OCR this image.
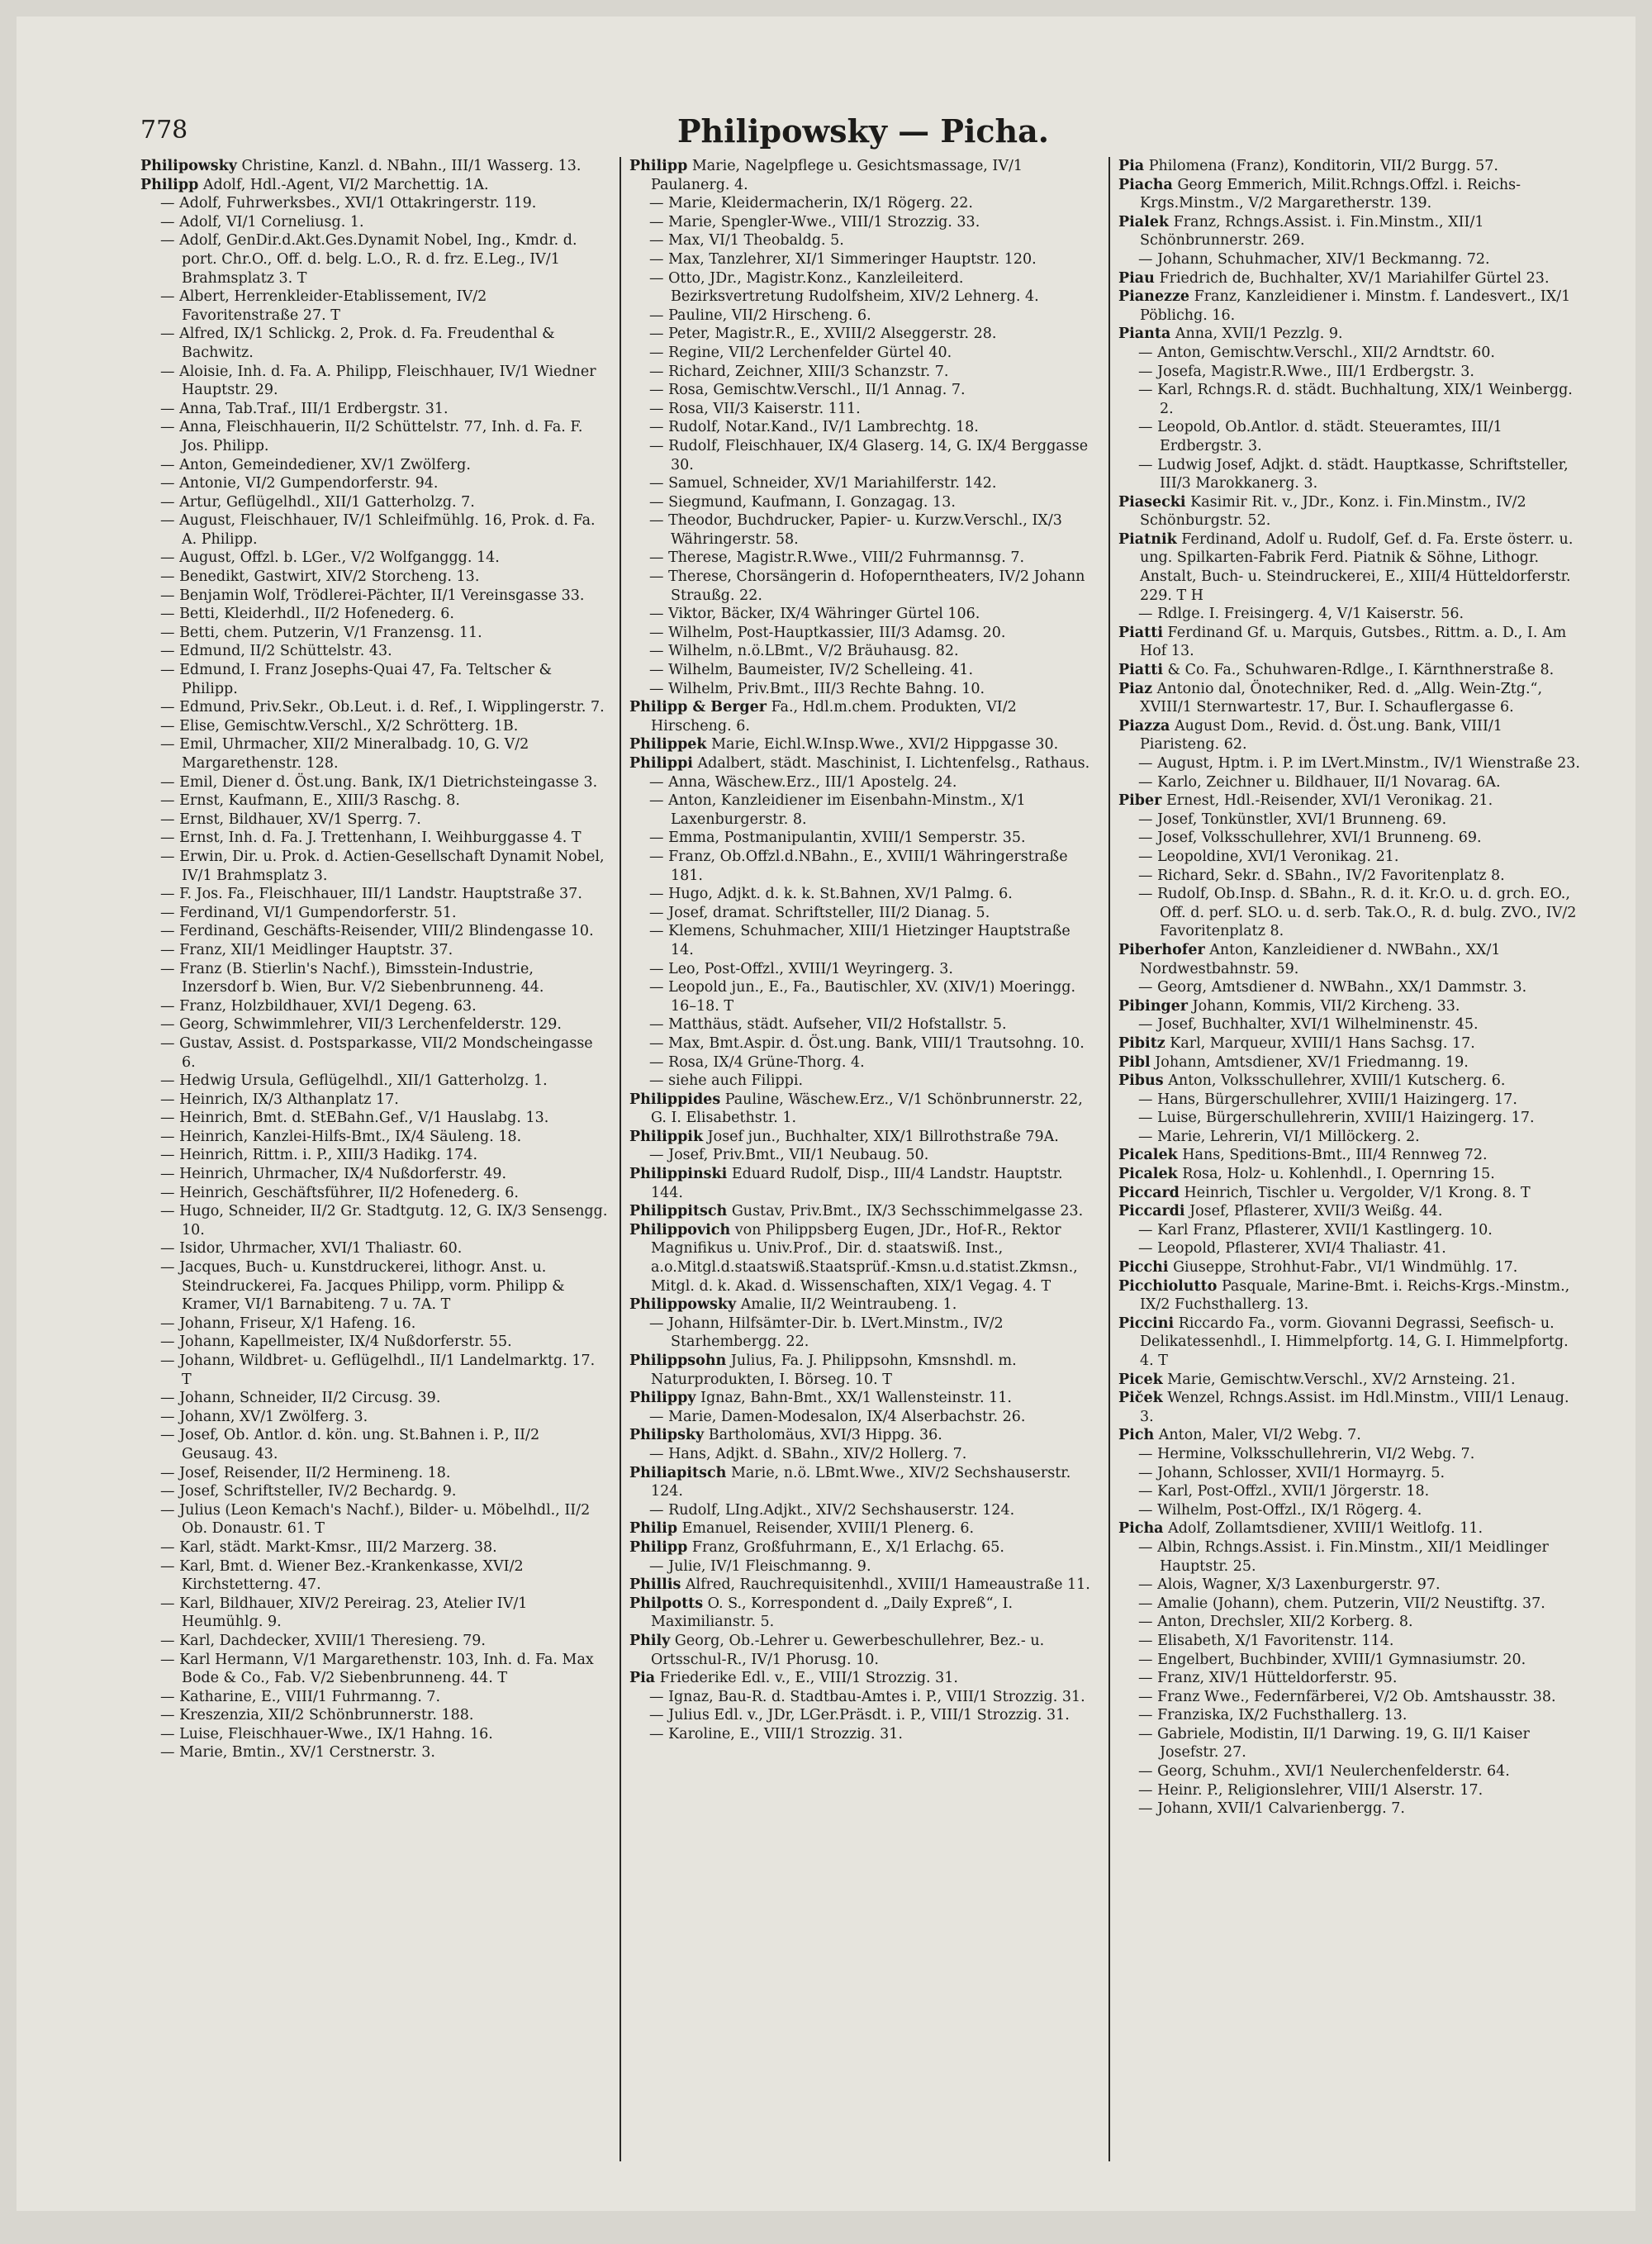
778	Philipowsky — Picha.

Philipowsky Christine, Kanzl. d. NBahn., III/1 Wasserg. 13.

Philipp Adolf, Hdl.-Agent, VI/2 Marchettig. 1A.

— Adolf, Fuhrwerksbes., XVI/1 Ottakringerstr. 119.

— Adolf, VI/1 Corneliusg. 1.

— Adolf, GenDir.d.Akt.Ges.Dynamit Nobel, Ing., Kmdr. d. port. Chr.O., Off. d. belg. L.O., R. d. frz. E.Leg., IV/1 Brahmsplatz 3. T

— Albert, Herrenkleider-Etablissement, IV/2 Favoritenstraße 27. T

— Alfred, IX/1 Schlickg. 2, Prok. d. Fa. Freudenthal & Bachwitz.

— Aloisie, Inh. d. Fa. A. Philipp, Fleischhauer, IV/1 Wiedner Hauptstr. 29.

— Anna, Tab.Traf., III/1 Erdbergstr. 31.

— Anna, Fleischhauerin, II/2 Schüttelstr. 77, Inh. d. Fa. F. Jos. Philipp.

— Anton, Gemeindediener, XV/1 Zwölferg.

— Antonie, VI/2 Gumpendorferstr. 94.

— Artur, Geflügelhdl., XII/1 Gatterholzg. 7.

— August, Fleischhauer, IV/1 Schleifmühlg. 16, Prok. d. Fa. A. Philipp.

— August, Offzl. b. LGer., V/2 Wolfganggg. 14.

— Benedikt, Gastwirt, XIV/2 Storcheng. 13.

— Benjamin Wolf, Trödlerei-Pächter, II/1 Vereinsgasse 33.

— Betti, Kleiderhdl., II/2 Hofenederg. 6.

— Betti, chem. Putzerin, V/1 Franzensg. 11.

— Edmund, II/2 Schüttelstr. 43.

— Edmund, I. Franz Josephs-Quai 47, Fa. Teltscher & Philipp.

— Edmund, Priv.Sekr., Ob.Leut. i. d. Ref., I. Wipplingerstr. 7.

— Elise, Gemischtw.Verschl., X/2 Schrötterg. 1B.

— Emil, Uhrmacher, XII/2 Mineralbadg. 10, G. V/2 Margarethenstr. 128.

— Emil, Diener d. Öst.ung. Bank, IX/1 Dietrichsteingasse 3.

— Ernst, Kaufmann, E., XIII/3 Raschg. 8.

— Ernst, Bildhauer, XV/1 Sperrg. 7.

— Ernst, Inh. d. Fa. J. Trettenhann, I. Weihburggasse 4. T

— Erwin, Dir. u. Prok. d. Actien-Gesellschaft Dynamit Nobel, IV/1 Brahmsplatz 3.

— F. Jos. Fa., Fleischhauer, III/1 Landstr. Hauptstraße 37.

— Ferdinand, VI/1 Gumpendorferstr. 51.

— Ferdinand, Geschäfts-Reisender, VIII/2 Blindengasse 10.

— Franz, XII/1 Meidlinger Hauptstr. 37.

— Franz (B. Stierlin's Nachf.), Bimsstein-Industrie, Inzersdorf b. Wien, Bur. V/2 Siebenbrunneng. 44.

— Franz, Holzbildhauer, XVI/1 Degeng. 63.

— Georg, Schwimmlehrer, VII/3 Lerchenfelderstr. 129.

— Gustav, Assist. d. Postsparkasse, VII/2 Mondscheingasse 6.

— Hedwig Ursula, Geflügelhdl., XII/1 Gatterholzg. 1.

— Heinrich, IX/3 Althanplatz 17.

— Heinrich, Bmt. d. StEBahn.Gef., V/1 Hauslabg. 13.

— Heinrich, Kanzlei-Hilfs-Bmt., IX/4 Säuleng. 18.

— Heinrich, Rittm. i. P., XIII/3 Hadikg. 174.

— Heinrich, Uhrmacher, IX/4 Nußdorferstr. 49.

— Heinrich, Geschäftsführer, II/2 Hofenederg. 6.

— Hugo, Schneider, II/2 Gr. Stadtgutg. 12, G. IX/3 Sensengg. 10.

— Isidor, Uhrmacher, XVI/1 Thaliastr. 60.

— Jacques, Buch- u. Kunstdruckerei, lithogr. Anst. u. Steindruckerei, Fa. Jacques Philipp, vorm. Philipp & Kramer, VI/1 Barnabiteng. 7 u. 7A. T

— Johann, Friseur, X/1 Hafeng. 16.

— Johann, Kapellmeister, IX/4 Nußdorferstr. 55.

— Johann, Wildbret- u. Geflügelhdl., II/1 Landelmarktg. 17. T

— Johann, Schneider, II/2 Circusg. 39.

— Johann, XV/1 Zwölferg. 3.

— Josef, Ob. Antlor. d. kön. ung. St.Bahnen i. P., II/2 Geusaug. 43.

— Josef, Reisender, II/2 Hermineng. 18.

— Josef, Schriftsteller, IV/2 Bechardg. 9.

— Julius (Leon Kemach's Nachf.), Bilder- u. Möbelhdl., II/2 Ob. Donaustr. 61. T

— Karl, städt. Markt-Kmsr., III/2 Marzerg. 38.

— Karl, Bmt. d. Wiener Bez.-Krankenkasse, XVI/2 Kirchstetterng. 47.

— Karl, Bildhauer, XIV/2 Pereirag. 23, Atelier IV/1 Heumühlg. 9.

— Karl, Dachdecker, XVIII/1 Theresieng. 79.

— Karl Hermann, V/1 Margarethenstr. 103, Inh. d. Fa. Max Bode & Co., Fab. V/2 Siebenbrunneng. 44. T

— Katharine, E., VIII/1 Fuhrmanng. 7.

— Kreszenzia, XII/2 Schönbrunnerstr. 188.

— Luise, Fleischhauer-Wwe., IX/1 Hahng. 16.

— Marie, Bmtin., XV/1 Cerstnerstr. 3.

Philipp Marie, Nagelpflege u. Gesichtsmassage, IV/1 Paulanerg. 4.

— Marie, Kleidermacherin, IX/1 Rögerg. 22.

— Marie, Spengler-Wwe., VIII/1 Strozzig. 33.

— Max, VI/1 Theobaldg. 5.

— Max, Tanzlehrer, XI/1 Simmeringer Hauptstr. 120.

— Otto, JDr., Magistr.Konz., Kanzleileiterd. Bezirksvertretung Rudolfsheim, XIV/2 Lehnerg. 4.

— Pauline, VII/2 Hirscheng. 6.

— Peter, Magistr.R., E., XVIII/2 Alseggerstr. 28.

— Regine, VII/2 Lerchenfelder Gürtel 40.

— Richard, Zeichner, XIII/3 Schanzstr. 7.

— Rosa, Gemischtw.Verschl., II/1 Annag. 7.

— Rosa, VII/3 Kaiserstr. 111.

— Rudolf, Notar.Kand., IV/1 Lambrechtg. 18.

— Rudolf, Fleischhauer, IX/4 Glaserg. 14, G. IX/4 Berggasse 30.

— Samuel, Schneider, XV/1 Mariahilferstr. 142.

— Siegmund, Kaufmann, I. Gonzagag. 13.

— Theodor, Buchdrucker, Papier- u. Kurzw.Verschl., IX/3 Währingerstr. 58.

— Therese, Magistr.R.Wwe., VIII/2 Fuhrmannsg. 7.

— Therese, Chorsängerin d. Hofoperntheaters, IV/2 Johann Straußg. 22.

— Viktor, Bäcker, IX/4 Währinger Gürtel 106.

— Wilhelm, Post-Hauptkassier, III/3 Adamsg. 20.

— Wilhelm, n.ö.LBmt., V/2 Bräuhausg. 82.

— Wilhelm, Baumeister, IV/2 Schelleing. 41.

— Wilhelm, Priv.Bmt., III/3 Rechte Bahng. 10.

Philipp & Berger Fa., Hdl.m.chem. Produkten, VI/2 Hirscheng. 6.

Philippek Marie, Eichl.W.Insp.Wwe., XVI/2 Hippgasse 30.

Philippi Adalbert, städt. Maschinist, I. Lichtenfelsg., Rathaus.

— Anna, Wäschew.Erz., III/1 Apostelg. 24.

— Anton, Kanzleidiener im Eisenbahn-Minstm., X/1 Laxenburgerstr. 8.

— Emma, Postmanipulantin, XVIII/1 Semperstr. 35.

— Franz, Ob.Offzl.d.NBahn., E., XVIII/1 Währingerstraße 181.

— Hugo, Adjkt. d. k. k. St.Bahnen, XV/1 Palmg. 6.

— Josef, dramat. Schriftsteller, III/2 Dianag. 5.

— Klemens, Schuhmacher, XIII/1 Hietzinger Hauptstraße 14.

— Leo, Post-Offzl., XVIII/1 Weyringerg. 3.

— Leopold jun., E., Fa., Bautischler, XV. (XIV/1) Moeringg. 16–18. T

— Matthäus, städt. Aufseher, VII/2 Hofstallstr. 5.

— Max, Bmt.Aspir. d. Öst.ung. Bank, VIII/1 Trautsohng. 10.

— Rosa, IX/4 Grüne-Thorg. 4.

— siehe auch Filippi.

Philippides Pauline, Wäschew.Erz., V/1 Schönbrunnerstr. 22, G. I. Elisabethstr. 1.

Philippik Josef jun., Buchhalter, XIX/1 Billrothstraße 79A.

— Josef, Priv.Bmt., VII/1 Neubaug. 50.

Philippinski Eduard Rudolf, Disp., III/4 Landstr. Hauptstr. 144.

Philippitsch Gustav, Priv.Bmt., IX/3 Sechsschimmelgasse 23.

Philippovich von Philippsberg Eugen, JDr., Hof-R., Rektor Magnifikus u. Univ.Prof., Dir. d. staatswiß. Inst., a.o.Mitgl.d.staatswiß.Staatsprüf.-Kmsn.u.d.statist.Zkmsn., Mitgl. d. k. Akad. d. Wissenschaften, XIX/1 Vegag. 4. T

Philippowsky Amalie, II/2 Weintraubeng. 1.

— Johann, Hilfsämter-Dir. b. LVert.Minstm., IV/2 Starhembergg. 22.

Philippsohn Julius, Fa. J. Philippsohn, Kmsnshdl. m. Naturprodukten, I. Börseg. 10. T

Philippy Ignaz, Bahn-Bmt., XX/1 Wallensteinstr. 11.

— Marie, Damen-Modesalon, IX/4 Alserbachstr. 26.

Philipsky Bartholomäus, XVI/3 Hippg. 36.

— Hans, Adjkt. d. SBahn., XIV/2 Hollerg. 7.

Philiapitsch Marie, n.ö. LBmt.Wwe., XIV/2 Sechshauserstr. 124.

— Rudolf, LIng.Adjkt., XIV/2 Sechshauserstr. 124.

Philip Emanuel, Reisender, XVIII/1 Plenerg. 6.

Philipp Franz, Großfuhrmann, E., X/1 Erlachg. 65.

— Julie, IV/1 Fleischmanng. 9.

Phillis Alfred, Rauchrequisitenhdl., XVIII/1 Hameaustraße 11.

Philpotts O. S., Korrespondent d. „Daily Expreß“, I. Maximilianstr. 5.

Phily Georg, Ob.-Lehrer u. Gewerbeschullehrer, Bez.- u. Ortsschul-R., IV/1 Phorusg. 10.

Pia Friederike Edl. v., E., VIII/1 Strozzig. 31.

— Ignaz, Bau-R. d. Stadtbau-Amtes i. P., VIII/1 Strozzig. 31.

— Julius Edl. v., JDr, LGer.Präsdt. i. P., VIII/1 Strozzig. 31.

— Karoline, E., VIII/1 Strozzig. 31.

Pia Philomena (Franz), Konditorin, VII/2 Burgg. 57.

Piacha Georg Emmerich, Milit.Rchngs.Offzl. i. Reichs-Krgs.Minstm., V/2 Margaretherstr. 139.

Pialek Franz, Rchngs.Assist. i. Fin.Minstm., XII/1 Schönbrunnerstr. 269.

— Johann, Schuhmacher, XIV/1 Beckmanng. 72.

Piau Friedrich de, Buchhalter, XV/1 Mariahilfer Gürtel 23.

Pianezze Franz, Kanzleidiener i. Minstm. f. Landesvert., IX/1 Pöblichg. 16.

Pianta Anna, XVII/1 Pezzlg. 9.

— Anton, Gemischtw.Verschl., XII/2 Arndtstr. 60.

— Josefa, Magistr.R.Wwe., III/1 Erdbergstr. 3.

— Karl, Rchngs.R. d. städt. Buchhaltung, XIX/1 Weinbergg. 2.

— Leopold, Ob.Antlor. d. städt. Steueramtes, III/1 Erdbergstr. 3.

— Ludwig Josef, Adjkt. d. städt. Hauptkasse, Schriftsteller, III/3 Marokkanerg. 3.

Piasecki Kasimir Rit. v., JDr., Konz. i. Fin.Minstm., IV/2 Schönburgstr. 52.

Piatnik Ferdinand, Adolf u. Rudolf, Gef. d. Fa. Erste österr. u. ung. Spilkarten-Fabrik Ferd. Piatnik & Söhne, Lithogr. Anstalt, Buch- u. Steindruckerei, E., XIII/4 Hütteldorferstr. 229. T H

— Rdlge. I. Freisingerg. 4, V/1 Kaiserstr. 56.

Piatti Ferdinand Gf. u. Marquis, Gutsbes., Rittm. a. D., I. Am Hof 13.

Piatti & Co. Fa., Schuhwaren-Rdlge., I. Kärnthnerstraße 8.

Piaz Antonio dal, Önotechniker, Red. d. „Allg. Wein-Ztg.“, XVIII/1 Sternwartestr. 17, Bur. I. Schauflergasse 6.

Piazza August Dom., Revid. d. Öst.ung. Bank, VIII/1 Piaristeng. 62.

— August, Hptm. i. P. im LVert.Minstm., IV/1 Wienstraße 23.

— Karlo, Zeichner u. Bildhauer, II/1 Novarag. 6A.

Piber Ernest, Hdl.-Reisender, XVI/1 Veronikag. 21.

— Josef, Tonkünstler, XVI/1 Brunneng. 69.

— Josef, Volksschullehrer, XVI/1 Brunneng. 69.

— Leopoldine, XVI/1 Veronikag. 21.

— Richard, Sekr. d. SBahn., IV/2 Favoritenplatz 8.

— Rudolf, Ob.Insp. d. SBahn., R. d. it. Kr.O. u. d. grch. EO., Off. d. perf. SLO. u. d. serb. Tak.O., R. d. bulg. ZVO., IV/2 Favoritenplatz 8.

Piberhofer Anton, Kanzleidiener d. NWBahn., XX/1 Nordwestbahnstr. 59.

— Georg, Amtsdiener d. NWBahn., XX/1 Dammstr. 3.

Pibinger Johann, Kommis, VII/2 Kircheng. 33.

— Josef, Buchhalter, XVI/1 Wilhelminenstr. 45.

Pibitz Karl, Marqueur, XVIII/1 Hans Sachsg. 17.

Pibl Johann, Amtsdiener, XV/1 Friedmanng. 19.

Pibus Anton, Volksschullehrer, XVIII/1 Kutscherg. 6.

— Hans, Bürgerschullehrer, XVIII/1 Haizingerg. 17.

— Luise, Bürgerschullehrerin, XVIII/1 Haizingerg. 17.

— Marie, Lehrerin, VI/1 Millöckerg. 2.

Picalek Hans, Speditions-Bmt., III/4 Rennweg 72.

Picalek Rosa, Holz- u. Kohlenhdl., I. Opernring 15.

Piccard Heinrich, Tischler u. Vergolder, V/1 Krong. 8. T

Piccardi Josef, Pflasterer, XVII/3 Weißg. 44.

— Karl Franz, Pflasterer, XVII/1 Kastlingerg. 10.

— Leopold, Pflasterer, XVI/4 Thaliastr. 41.

Picchi Giuseppe, Strohhut-Fabr., VI/1 Windmühlg. 17.

Picchiolutto Pasquale, Marine-Bmt. i. Reichs-Krgs.-Minstm., IX/2 Fuchsthallerg. 13.

Piccini Riccardo Fa., vorm. Giovanni Degrassi, Seefisch- u. Delikatessenhdl., I. Himmelpfortg. 14, G. I. Himmelpfortg. 4. T

Picek Marie, Gemischtw.Verschl., XV/2 Arnsteing. 21.

Piček Wenzel, Rchngs.Assist. im Hdl.Minstm., VIII/1 Lenaug. 3.

Pich Anton, Maler, VI/2 Webg. 7.

— Hermine, Volksschullehrerin, VI/2 Webg. 7.

— Johann, Schlosser, XVII/1 Hormayrg. 5.

— Karl, Post-Offzl., XVII/1 Jörgerstr. 18.

— Wilhelm, Post-Offzl., IX/1 Rögerg. 4.

Picha Adolf, Zollamtsdiener, XVIII/1 Weitlofg. 11.

— Albin, Rchngs.Assist. i. Fin.Minstm., XII/1 Meidlinger Hauptstr. 25.

— Alois, Wagner, X/3 Laxenburgerstr. 97.

— Amalie (Johann), chem. Putzerin, VII/2 Neustiftg. 37.

— Anton, Drechsler, XII/2 Korberg. 8.

— Elisabeth, X/1 Favoritenstr. 114.

— Engelbert, Buchbinder, XVIII/1 Gymnasiumstr. 20.

— Franz, XIV/1 Hütteldorferstr. 95.

— Franz Wwe., Federnfärberei, V/2 Ob. Amtshausstr. 38.

— Franziska, IX/2 Fuchsthallerg. 13.

— Gabriele, Modistin, II/1 Darwing. 19, G. II/1 Kaiser Josefstr. 27.

— Georg, Schuhm., XVI/1 Neulerchenfelderstr. 64.

— Heinr. P., Religionslehrer, VIII/1 Alserstr. 17.

— Johann, XVII/1 Calvarienbergg. 7.
